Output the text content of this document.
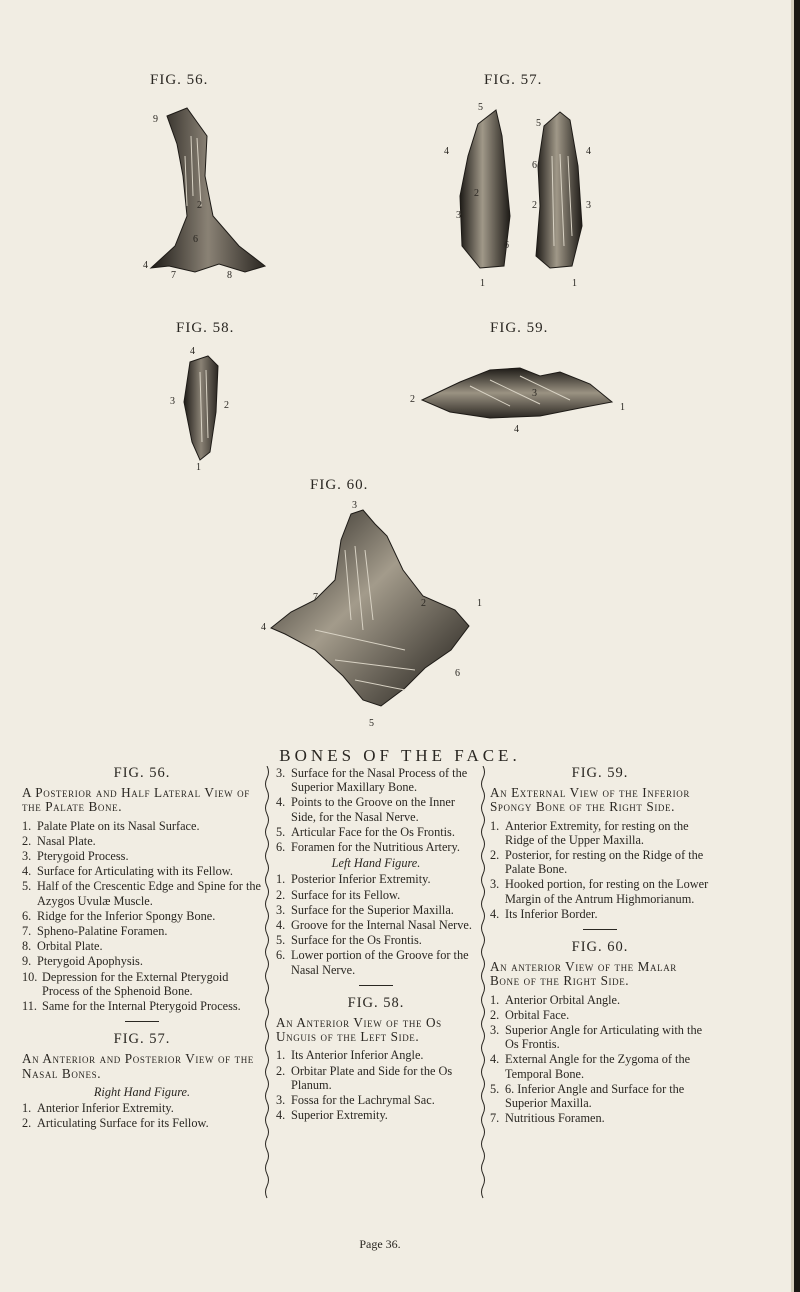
FIG. 56.	FIG. 57.
FIG. 58.	FIG. 59.
FIG. 60.
9
2
6
4
7	8
5
4
2
3
6
1
5
4
6
2	3
1
4
3	2
1
2
3
1
4
3
7
2	1
4
6
5
BONES OF THE FACE.
FIG. 56.
A Posterior and Half Lateral View of the Palate Bone.
1. Palate Plate on its Nasal Surface.
2. Nasal Plate.
3. Pterygoid Process.
4. Surface for Articulating with its Fellow.
5. Half of the Crescentic Edge and Spine for the Azygos Uvulæ Muscle.
6. Ridge for the Inferior Spongy Bone.
7. Spheno-Palatine Foramen.
8. Orbital Plate.
9. Pterygoid Apophysis.
10. Depression for the External Pterygoid Process of the Sphenoid Bone.
11. Same for the Internal Pterygoid Process.
FIG. 57.
An Anterior and Posterior View of the Nasal Bones.
Right Hand Figure.
1. Anterior Inferior Extremity.
2. Articulating Surface for its Fellow.
3. Surface for the Nasal Process of the Superior Maxillary Bone.
4. Points to the Groove on the Inner Side, for the Nasal Nerve.
5. Articular Face for the Os Frontis.
6. Foramen for the Nutritious Artery.
Left Hand Figure.
1. Posterior Inferior Extremity.
2. Surface for its Fellow.
3. Surface for the Superior Maxilla.
4. Groove for the Internal Nasal Nerve.
5. Surface for the Os Frontis.
6. Lower portion of the Groove for the Nasal Nerve.
FIG. 58.
An Anterior View of the Os Unguis of the Left Side.
1. Its Anterior Inferior Angle.
2. Orbitar Plate and Side for the Os Planum.
3. Fossa for the Lachrymal Sac.
4. Superior Extremity.
Page 36.
FIG. 59.
An External View of the Inferior Spongy Bone of the Right Side.
1. Anterior Extremity, for resting on the Ridge of the Upper Maxilla.
2. Posterior, for resting on the Ridge of the Palate Bone.
3. Hooked portion, for resting on the Lower Margin of the Antrum Highmorianum.
4. Its Inferior Border.
FIG. 60.
An anterior View of the Malar Bone of the Right Side.
1. Anterior Orbital Angle.
2. Orbital Face.
3. Superior Angle for Articulating with the Os Frontis.
4. External Angle for the Zygoma of the Temporal Bone.
5. 6. Inferior Angle and Surface for the Superior Maxilla.
7. Nutritious Foramen.
